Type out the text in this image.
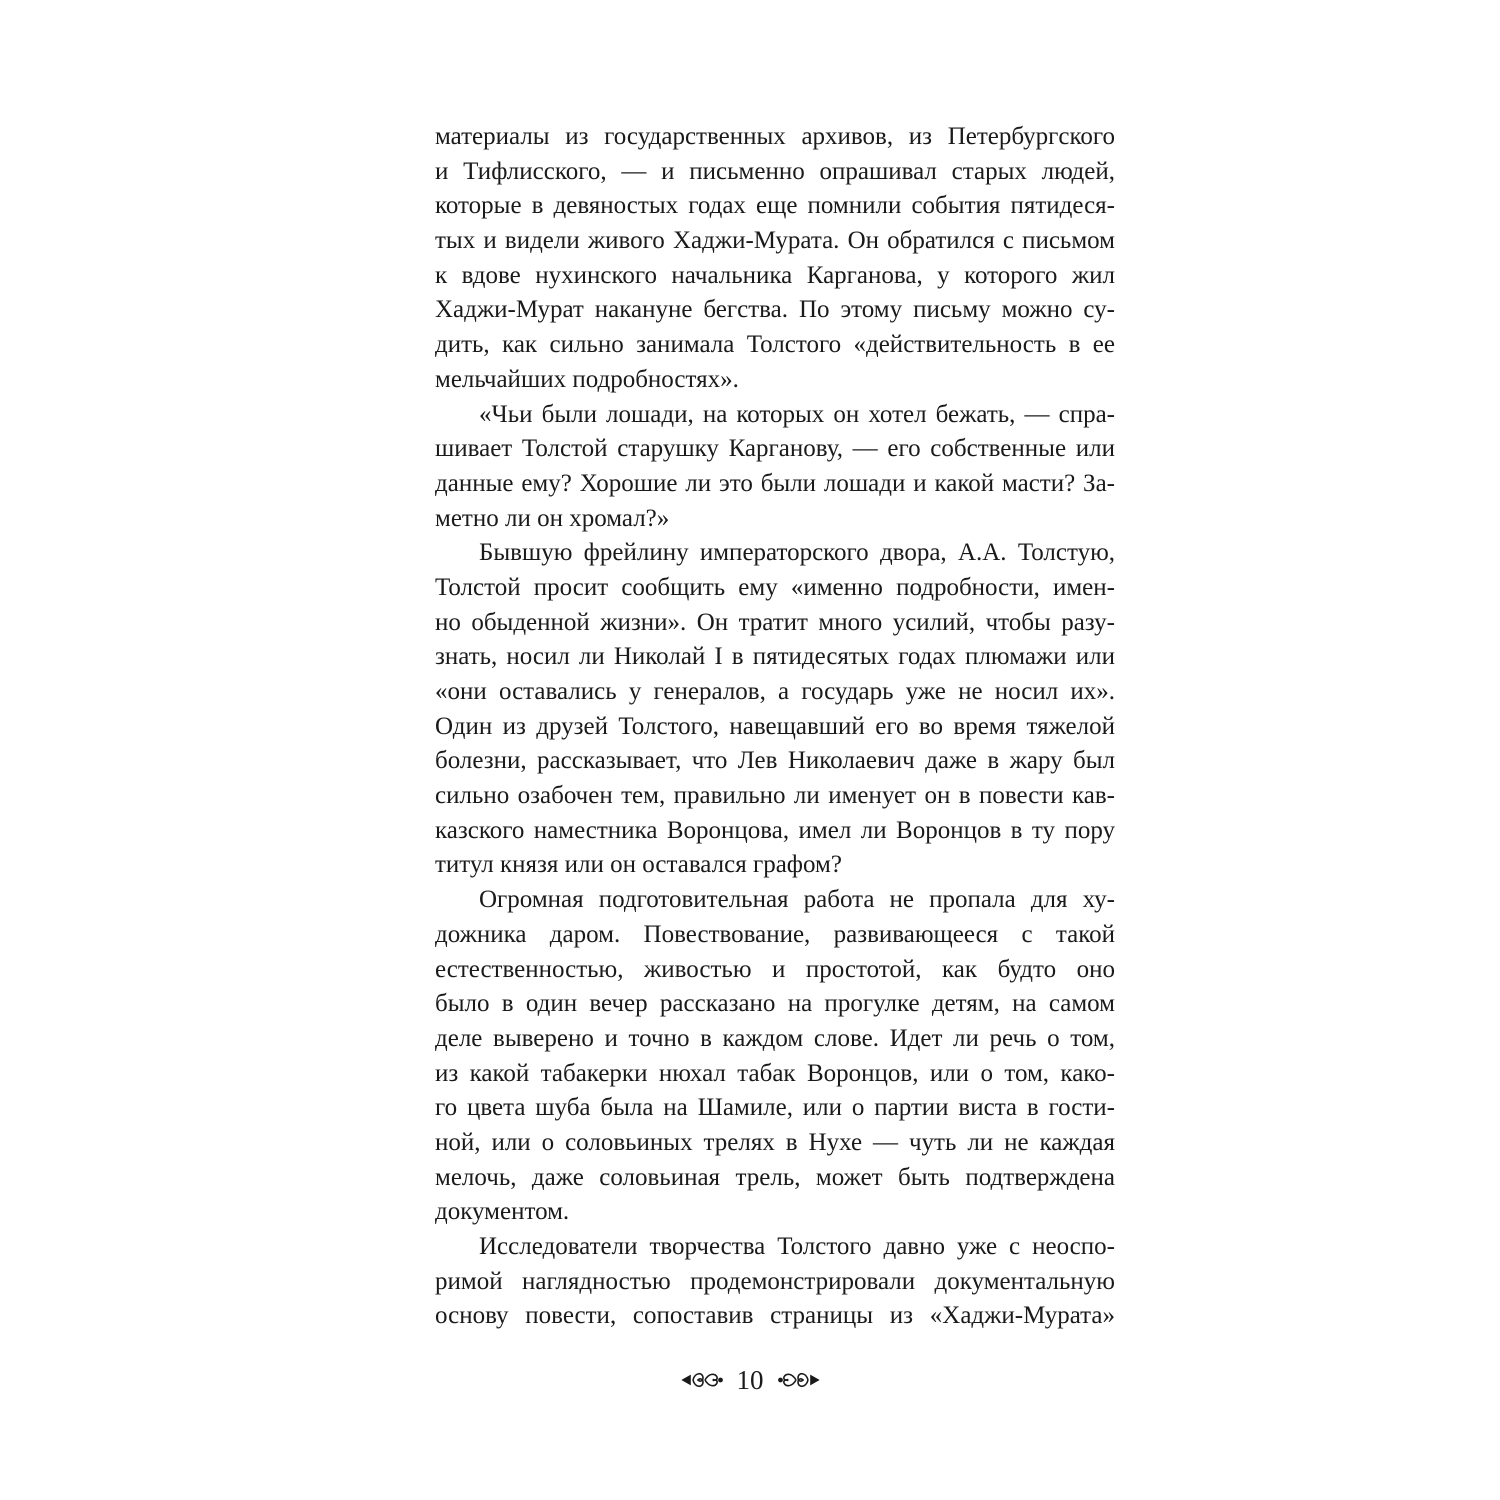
материалы из государственных архивов, из Петербургского
и Тифлисского, — и письменно опрашивал старых людей,
которые в девяностых годах еще помнили события пятидеся-
тых и видели живого Хаджи-Мурата. Он обратился с письмом
к вдове нухинского начальника Карганова, у которого жил
Хаджи-Мурат накануне бегства. По этому письму можно су-
дить, как сильно занимала Толстого «действительность в ее
мельчайших подробностях».
«Чьи были лошади, на которых он хотел бежать, — спра-
шивает Толстой старушку Карганову, — его собственные или
данные ему? Хорошие ли это были лошади и какой масти? За-
метно ли он хромал?»
Бывшую фрейлину императорского двора, А.А. Толстую,
Толстой просит сообщить ему «именно подробности, имен-
но обыденной жизни». Он тратит много усилий, чтобы разу-
знать, носил ли Николай I в пятидесятых годах плюмажи или
«они оставались у генералов, а государь уже не носил их».
Один из друзей Толстого, навещавший его во время тяжелой
болезни, рассказывает, что Лев Николаевич даже в жару был
сильно озабочен тем, правильно ли именует он в повести кав-
казского наместника Воронцова, имел ли Воронцов в ту пору
титул князя или он оставался графом?
Огромная подготовительная работа не пропала для ху-
дожника даром. Повествование, развивающееся с такой
естественностью, живостью и простотой, как будто оно
было в один вечер рассказано на прогулке детям, на самом
деле выверено и точно в каждом слове. Идет ли речь о том,
из какой табакерки нюхал табак Воронцов, или о том, како-
го цвета шуба была на Шамиле, или о партии виста в гости-
ной, или о соловьиных трелях в Нухе — чуть ли не каждая
мелочь, даже соловьиная трель, может быть подтверждена
документом.
Исследователи творчества Толстого давно уже с неоспо-
римой наглядностью продемонстрировали документальную
основу повести, сопоставив страницы из «Хаджи-Мурата»
10
